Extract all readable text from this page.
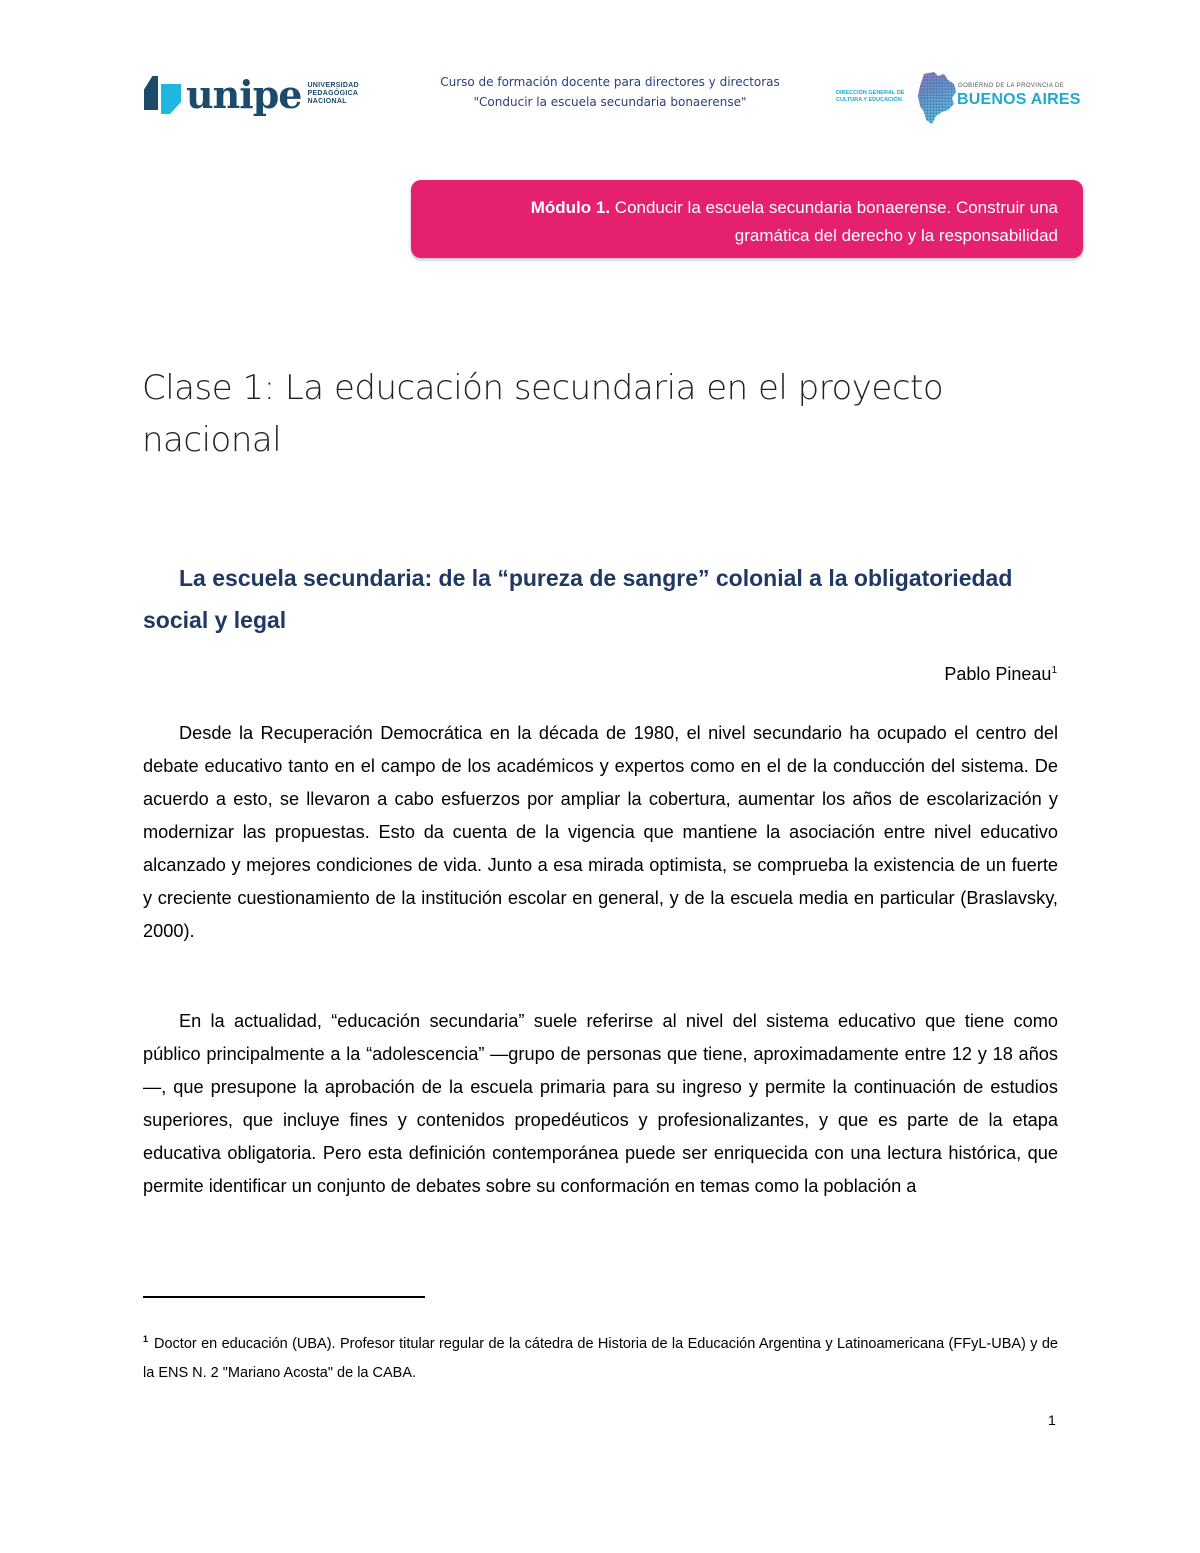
unipe UNIVERSIDAD
PEDAGÓGICA
NACIONAL
Curso de formación docente para directores y directoras
"Conducir la escuela secundaria bonaerense"
DIRECCIÓN GENERAL DE CULTURA Y EDUCACIÓN
GOBIERNO DE LA PROVINCIA DE
BUENOS AIRES
Módulo 1. Conducir la escuela secundaria bonaerense. Construir una
gramática del derecho y la responsabilidad
Clase 1: La educación secundaria en el proyecto nacional
La escuela secundaria: de la “pureza de sangre” colonial a la obligatoriedad social y legal
Pablo Pineau$^1$

Desde la Recuperación Democrática en la década de 1980, el nivel secundario ha ocupado el centro del debate educativo tanto en el campo de los académicos y expertos como en el de la conducción del sistema. De acuerdo a esto, se llevaron a cabo esfuerzos por ampliar la cobertura, aumentar los años de escolarización y modernizar las propuestas. Esto da cuenta de la vigencia que mantiene la asociación entre nivel educativo alcanzado y mejores condiciones de vida. Junto a esa mirada optimista, se comprueba la existencia de un fuerte y creciente cuestionamiento de la institución escolar en general, y de la escuela media en particular (Braslavsky, 2000).

En la actualidad, “educación secundaria” suele referirse al nivel del sistema educativo que tiene como público principalmente a la “adolescencia” —grupo de personas que tiene, aproximadamente entre 12 y 18 años—, que presupone la aprobación de la escuela primaria para su ingreso y permite la continuación de estudios superiores, que incluye fines y contenidos propedéuticos y profesionalizantes, y que es parte de la etapa educativa obligatoria. Pero esta definición contemporánea puede ser enriquecida con una lectura histórica, que permite identificar un conjunto de debates sobre su conformación en temas como la población a

$^1$ Doctor en educación (UBA). Profesor titular regular de la cátedra de Historia de la Educación Argentina y Latinoamericana (FFyL-UBA) y de la ENS N. 2 "Mariano Acosta" de la CABA.
1
